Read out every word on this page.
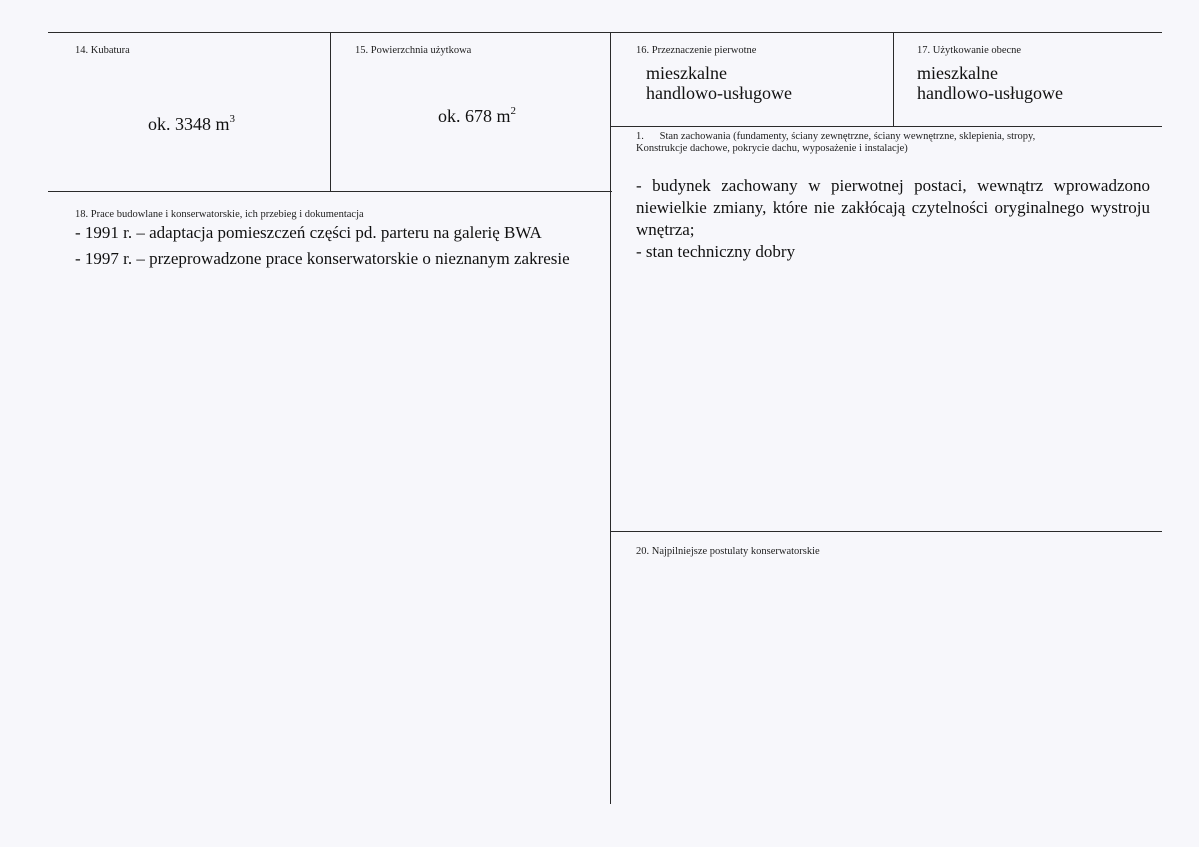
14. Kubatura
ok. 3348 $m^3$
15. Powierzchnia użytkowa
ok. 678 $m^2$
16. Przeznaczenie pierwotne
mieszkalne
handlowo-usługowe
17. Użytkowanie obecne
mieszkalne
handlowo-usługowe
18. Prace budowlane i konserwatorskie, ich przebieg i dokumentacja
- 1991 r. – adaptacja pomieszczeń części pd. parteru na galerię BWA
- 1997 r. – przeprowadzone prace konserwatorskie o nieznanym zakresie
1.      Stan zachowania (fundamenty, ściany zewnętrzne, ściany wewnętrzne, sklepienia, stropy,
Konstrukcje dachowe, pokrycie dachu, wyposażenie i instalacje)
- budynek zachowany w pierwotnej postaci, wewnątrz wprowadzono niewielkie zmiany, które nie zakłócają czytelności oryginalnego wystroju wnętrza;
- stan techniczny dobry
20. Najpilniejsze postulaty konserwatorskie
